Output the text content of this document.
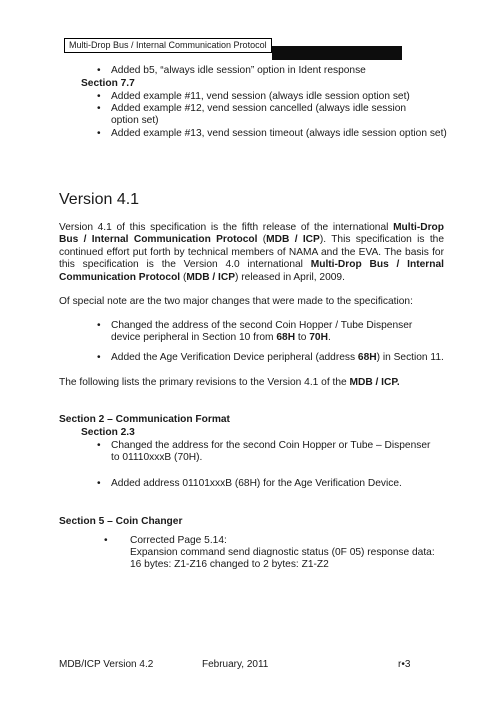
Multi-Drop Bus / Internal Communication Protocol
• Added b5, “always idle session” option in Ident response
Section 7.7
• Added example #11, vend session (always idle session option set)
• Added example #12, vend session cancelled (always idle session option set)
• Added example #13, vend session timeout (always idle session option set)
Version 4.1
Version 4.1 of this specification is the fifth release of the international Multi-Drop Bus / Internal Communication Protocol (MDB / ICP). This specification is the continued effort put forth by technical members of NAMA and the EVA. The basis for this specification is the Version 4.0 international Multi-Drop Bus / Internal Communication Protocol (MDB / ICP) released in April, 2009.
Of special note are the two major changes that were made to the specification:
• Changed the address of the second Coin Hopper / Tube Dispenser device peripheral in Section 10 from 68H to 70H.
• Added the Age Verification Device peripheral (address 68H) in Section 11.
The following lists the primary revisions to the Version 4.1 of the MDB / ICP.
Section 2 – Communication Format
Section 2.3
• Changed the address for the second Coin Hopper or Tube – Dispenser to 01110xxxB (70H).
• Added address 01101xxxB (68H) for the Age Verification Device.
Section 5 – Coin Changer
• Corrected Page 5.14:
Expansion command send diagnostic status (0F 05) response data:
16 bytes: Z1-Z16 changed to 2 bytes: Z1-Z2
MDB/ICP Version 4.2	February, 2011	r•3
